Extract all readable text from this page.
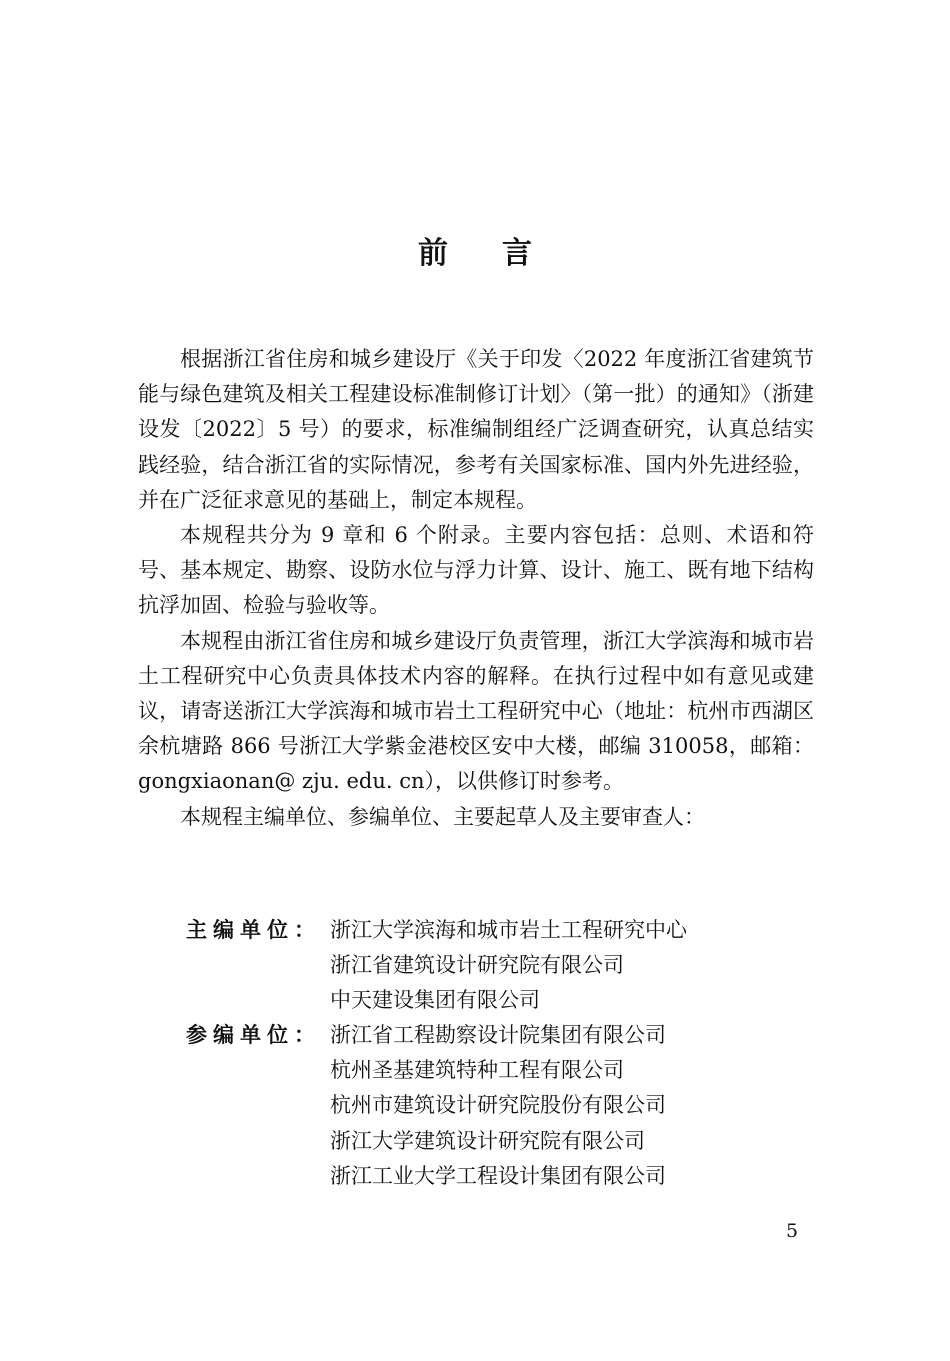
前言

根据浙江省住房和城乡建设厅《关于印发〈2022 年度浙江省建筑节能与绿色建筑及相关工程建设标准制修订计划〉（第一批）的通知》（浙建设发〔2022〕5 号）的要求，标准编制组经广泛调查研究，认真总结实践经验，结合浙江省的实际情况，参考有关国家标准、国内外先进经验，并在广泛征求意见的基础上，制定本规程。

本规程共分为 9 章和 6 个附录。主要内容包括：总则、术语和符号、基本规定、勘察、设防水位与浮力计算、设计、施工、既有地下结构抗浮加固、检验与验收等。

本规程由浙江省住房和城乡建设厅负责管理，浙江大学滨海和城市岩土工程研究中心负责具体技术内容的解释。在执行过程中如有意见或建议，请寄送浙江大学滨海和城市岩土工程研究中心（地址：杭州市西湖区余杭塘路 866 号浙江大学紫金港校区安中大楼，邮编 310058，邮箱：gongxiaonan@ zju. edu. cn），以供修订时参考。

本规程主编单位、参编单位、主要起草人及主要审查人：

主编单位： 浙江大学滨海和城市岩土工程研究中心
浙江省建筑设计研究院有限公司
中天建设集团有限公司
参编单位： 浙江省工程勘察设计院集团有限公司
杭州圣基建筑特种工程有限公司
杭州市建筑设计研究院股份有限公司
浙江大学建筑设计研究院有限公司
浙江工业大学工程设计集团有限公司
5
